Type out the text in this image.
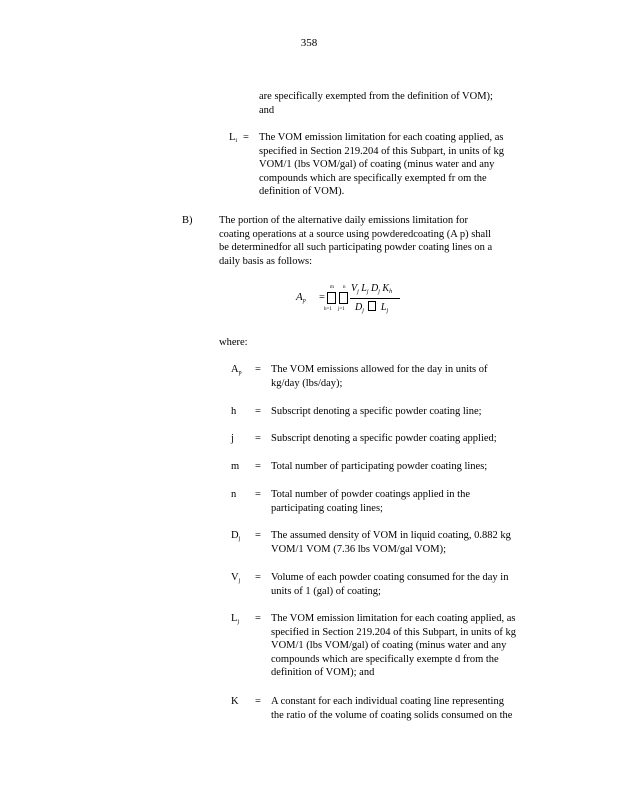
358
are specifically exempted from the definition of VOM);
and
$L_i$ = The VOM emission limitation for each coating applied, as
specified in Section 219.204 of this Subpart, in units of kg
VOM/1 (lbs VOM/gal) of coating (minus water and any
compounds which are specifically exempted fr om the
definition of VOM).
B)	The portion of the alternative daily emissions limitation for
coating operations at a source using powderedcoating (A p) shall
be determinedfor all such participating powder coating lines on a
daily basis as follows:
$A_p$ =
m
h=1
n
j=1
$V_j$ $L_j$ $D_j$ $K_h$
$D_j$ $L_j$
where:
$A_p$	= The VOM emissions allowed for the day in units of
kg/day (lbs/day);
h	= Subscript denoting a specific powder coating line;
j	= Subscript denoting a specific powder coating applied;
m	= Total number of participating powder coating lines;
n	= Total number of powder coatings applied in the
participating coating lines;
$D_j$	= The assumed density of VOM in liquid coating, 0.882 kg
VOM/1 VOM (7.36 lbs VOM/gal VOM);
$V_j$	= Volume of each powder coating consumed for the day in
units of 1 (gal) of coating;
$L_j$	= The VOM emission limitation for each coating applied, as
specified in Section 219.204 of this Subpart, in units of kg
VOM/1 (lbs VOM/gal) of coating (minus water and any
compounds which are specifically exempte d from the
definition of VOM); and
K	= A constant for each individual coating line representing
the ratio of the volume of coating solids consumed on the
